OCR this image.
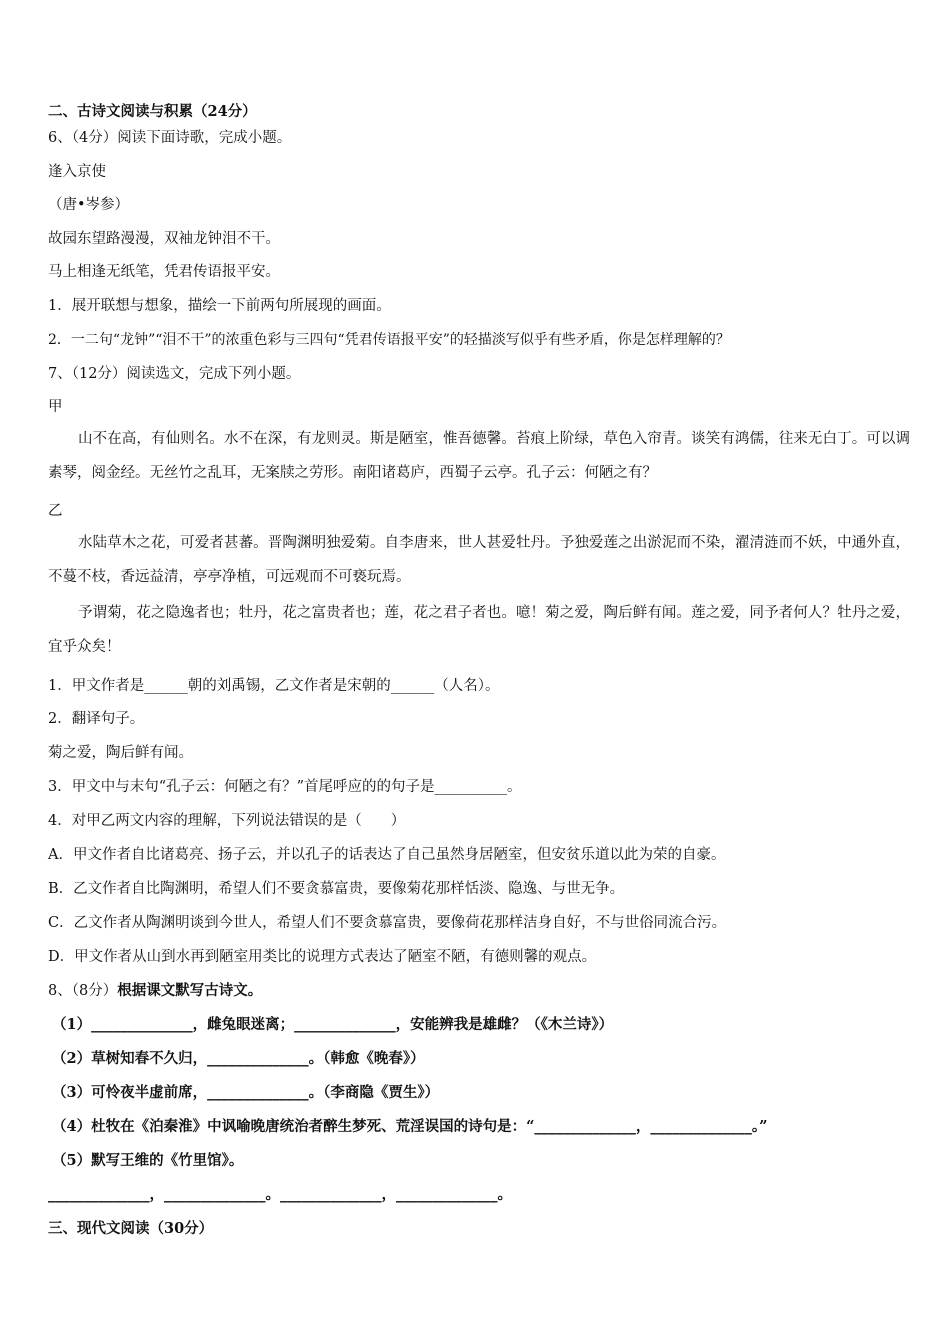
二、古诗文阅读与积累（24分）
6、（4分）阅读下面诗歌，完成小题。
逢入京使
（唐•岑参）
故园东望路漫漫，双袖龙钟泪不干。
马上相逢无纸笔，凭君传语报平安。
1．展开联想与想象，描绘一下前两句所展现的画面。
2．一二句“龙钟”“泪不干”的浓重色彩与三四句“凭君传语报平安”的轻描淡写似乎有些矛盾，你是怎样理解的？
7、（12分）阅读选文，完成下列小题。
甲
山不在高，有仙则名。水不在深，有龙则灵。斯是陋室，惟吾德馨。苔痕上阶绿，草色入帘青。谈笑有鸿儒，往来无白丁。可以调素琴，阅金经。无丝竹之乱耳，无案牍之劳形。南阳诸葛庐，西蜀子云亭。孔子云：何陋之有？
乙
水陆草木之花，可爱者甚蕃。晋陶渊明独爱菊。自李唐来，世人甚爱牡丹。予独爱莲之出淤泥而不染，濯清涟而不妖，中通外直，不蔓不枝，香远益清，亭亭净植，可远观而不可亵玩焉。
予谓菊，花之隐逸者也；牡丹，花之富贵者也；莲，花之君子者也。噫！菊之爱，陶后鲜有闻。莲之爱，同予者何人？牡丹之爱，宜乎众矣！
1．甲文作者是______朝的刘禹锡，乙文作者是宋朝的______（人名）。
2．翻译句子。
菊之爱，陶后鲜有闻。
3．甲文中与末句“孔子云：何陋之有？”首尾呼应的的句子是__________。
4．对甲乙两文内容的理解，下列说法错误的是（　　）
A．甲文作者自比诸葛亮、扬子云，并以孔子的话表达了自己虽然身居陋室，但安贫乐道以此为荣的自豪。
B．乙文作者自比陶渊明，希望人们不要贪慕富贵，要像菊花那样恬淡、隐逸、与世无争。
C．乙文作者从陶渊明谈到今世人，希望人们不要贪慕富贵，要像荷花那样洁身自好，不与世俗同流合污。
D．甲文作者从山到水再到陋室用类比的说理方式表达了陋室不陋，有德则馨的观点。
8、（8分）根据课文默写古诗文。
（1）______________，雌兔眼迷离；______________，安能辨我是雄雌？（《木兰诗》）
（2）草树知春不久归，______________。（韩愈《晚春》）
（3）可怜夜半虚前席，______________。（李商隐《贾生》）
（4）杜牧在《泊秦淮》中讽喻晚唐统治者醉生梦死、荒淫误国的诗句是：“______________，______________。”
（5）默写王维的《竹里馆》。
______________，______________。______________，______________。
三、现代文阅读（30分）
